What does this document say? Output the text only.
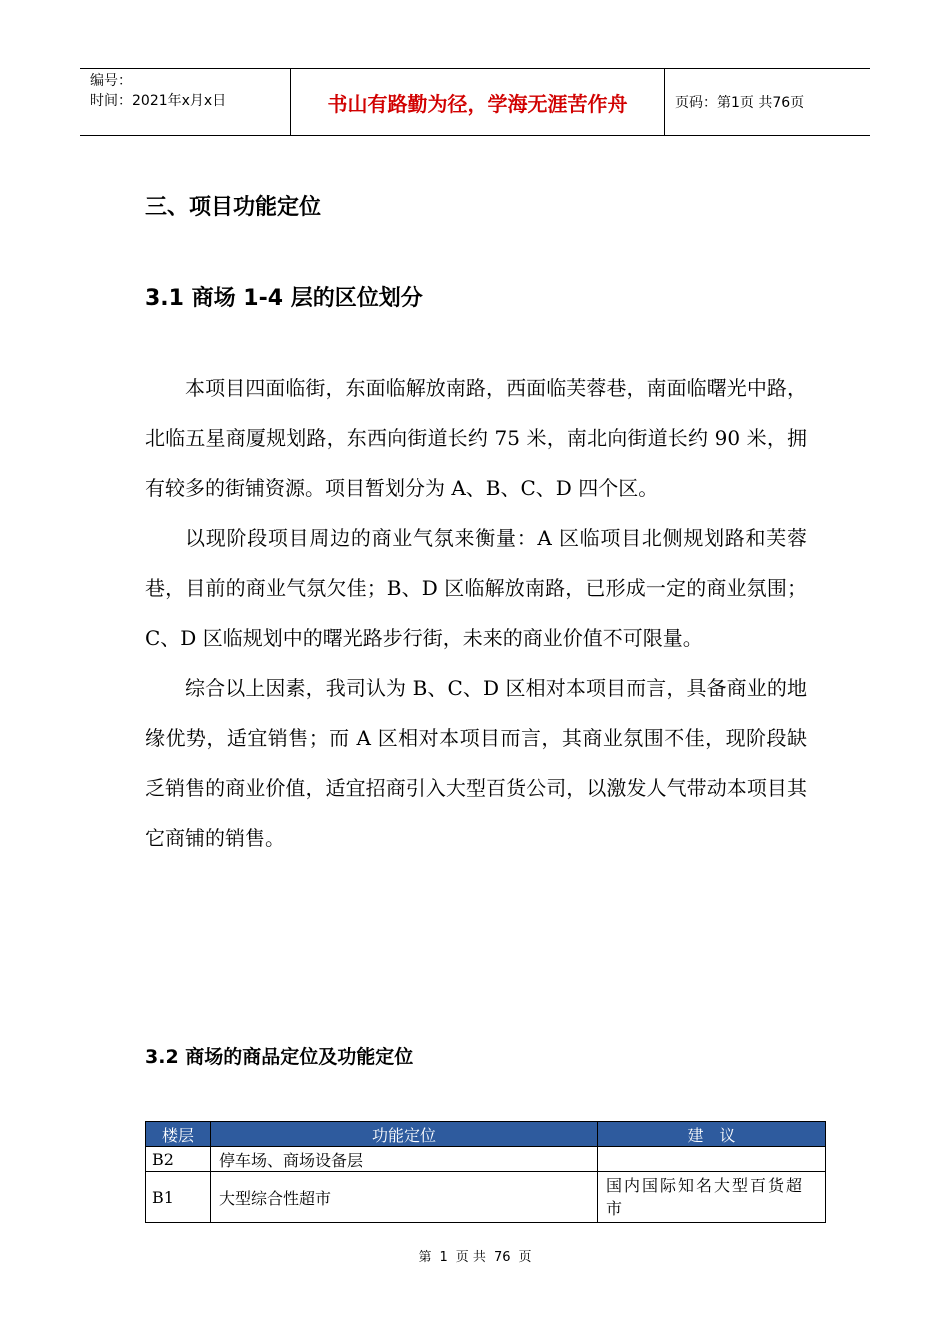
编号：
时间：2021年x月x日	书山有路勤为径，学海无涯苦作舟	页码：第1页 共76页
三、项目功能定位
3.1 商场 1-4 层的区位划分

本项目四面临街，东面临解放南路，西面临芙蓉巷，南面临曙光中路，北临五星商厦规划路，东西向街道长约 75 米，南北向街道长约 90 米，拥有较多的街铺资源。项目暂划分为 A、B、C、D 四个区。

以现阶段项目周边的商业气氛来衡量：A 区临项目北侧规划路和芙蓉巷，目前的商业气氛欠佳；B、D 区临解放南路，已形成一定的商业氛围；C、D 区临规划中的曙光路步行街，未来的商业价值不可限量。

综合以上因素，我司认为 B、C、D 区相对本项目而言，具备商业的地缘优势，适宜销售；而 A 区相对本项目而言，其商业氛围不佳，现阶段缺乏销售的商业价值，适宜招商引入大型百货公司，以激发人气带动本项目其它商铺的销售。

3.2 商场的商品定位及功能定位
楼层	功能定位	建　议
B2	停车场、商场设备层	
B1	大型综合性超市	国内国际知名大型百货超市
第 1 页 共 76 页
